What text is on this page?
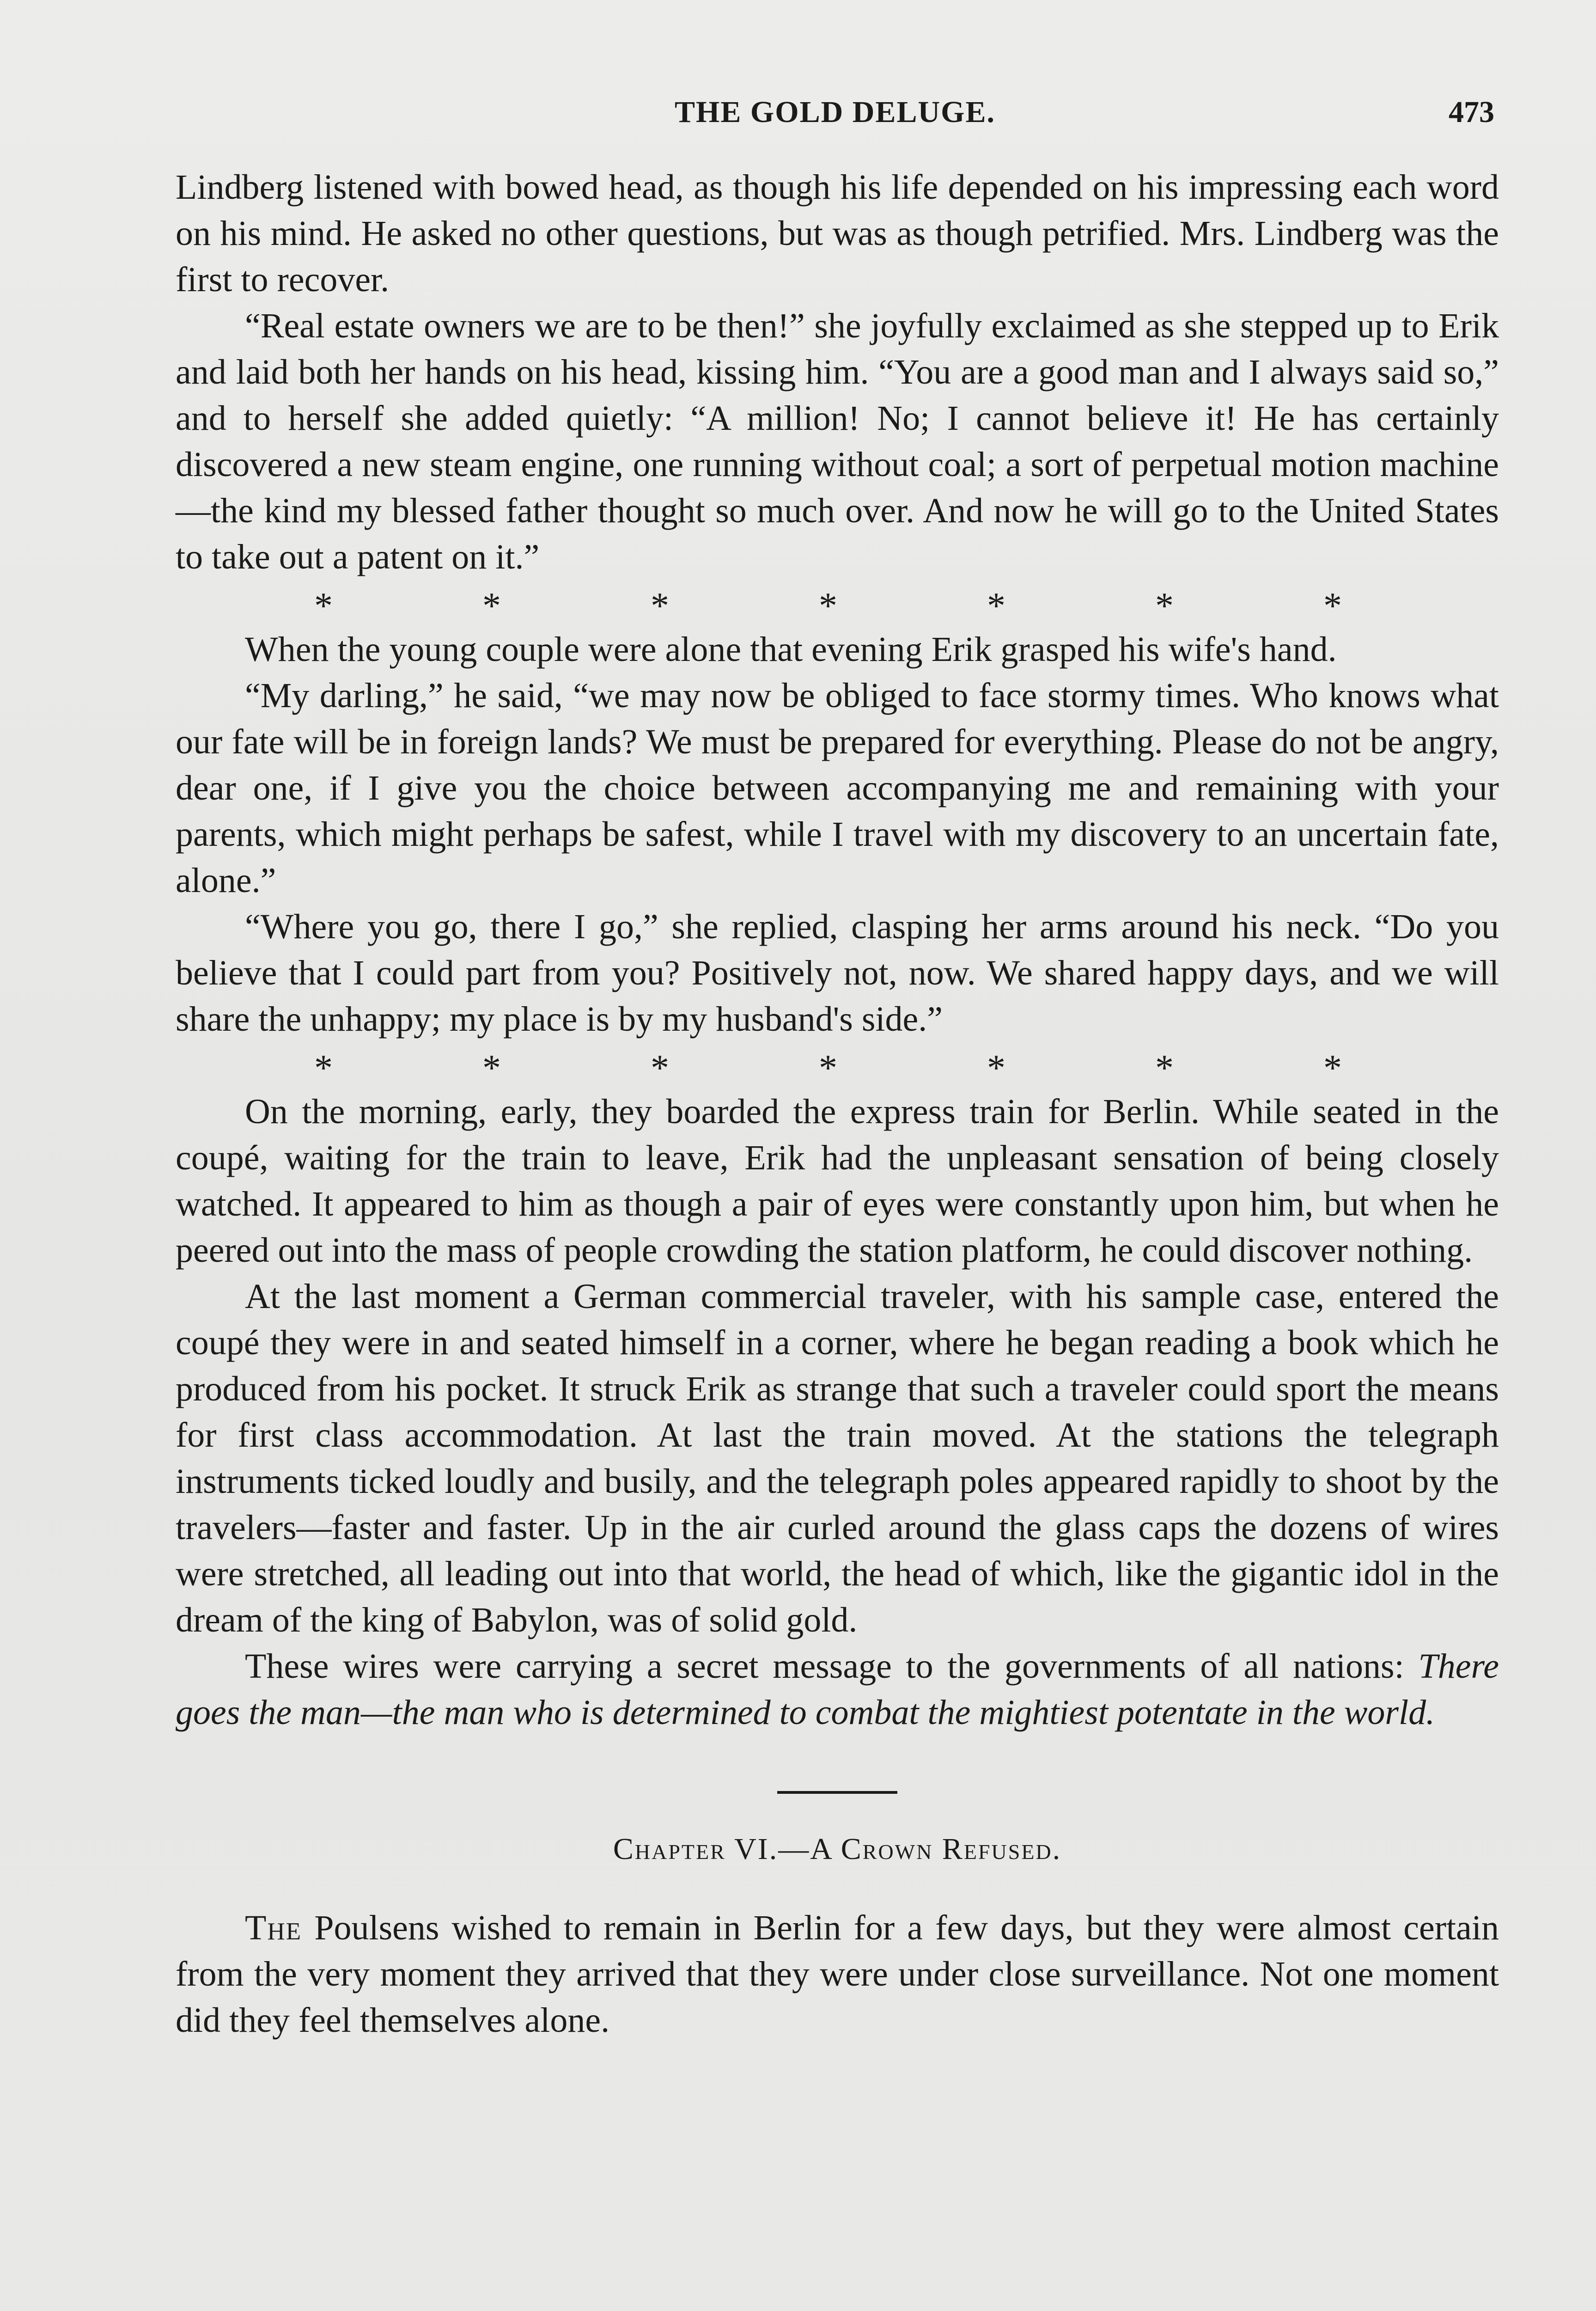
THE GOLD DELUGE.	473

Lindberg listened with bowed head, as though his life depended on his impressing each word on his mind. He asked no other questions, but was as though petrified. Mrs. Lindberg was the first to recover.

“Real estate owners we are to be then!” she joyfully exclaimed as she stepped up to Erik and laid both her hands on his head, kissing him. “You are a good man and I always said so,” and to herself she added quietly: “A million! No; I cannot believe it! He has certainly discovered a new steam engine, one running without coal; a sort of perpetual motion machine—the kind my blessed father thought so much over. And now he will go to the United States to take out a patent on it.”

*	*	*	*	*	*	*

When the young couple were alone that evening Erik grasped his wife's hand.

“My darling,” he said, “we may now be obliged to face stormy times. Who knows what our fate will be in foreign lands? We must be prepared for everything. Please do not be angry, dear one, if I give you the choice between accompanying me and remaining with your parents, which might perhaps be safest, while I travel with my discovery to an uncertain fate, alone.”

“Where you go, there I go,” she replied, clasping her arms around his neck. “Do you believe that I could part from you? Positively not, now. We shared happy days, and we will share the unhappy; my place is by my husband's side.”

*	*	*	*	*	*	*

On the morning, early, they boarded the express train for Berlin. While seated in the coupé, waiting for the train to leave, Erik had the unpleasant sensation of being closely watched. It appeared to him as though a pair of eyes were constantly upon him, but when he peered out into the mass of people crowding the station platform, he could discover nothing.

At the last moment a German commercial traveler, with his sample case, entered the coupé they were in and seated himself in a corner, where he began reading a book which he produced from his pocket. It struck Erik as strange that such a traveler could sport the means for first class accommodation. At last the train moved. At the stations the telegraph instruments ticked loudly and busily, and the telegraph poles appeared rapidly to shoot by the travelers—faster and faster. Up in the air curled around the glass caps the dozens of wires were stretched, all leading out into that world, the head of which, like the gigantic idol in the dream of the king of Babylon, was of solid gold.

These wires were carrying a secret message to the governments of all nations: There goes the man—the man who is determined to combat the mightiest potentate in the world.

Chapter VI.—A Crown Refused.

The Poulsens wished to remain in Berlin for a few days, but they were almost certain from the very moment they arrived that they were under close surveillance. Not one moment did they feel themselves alone.
